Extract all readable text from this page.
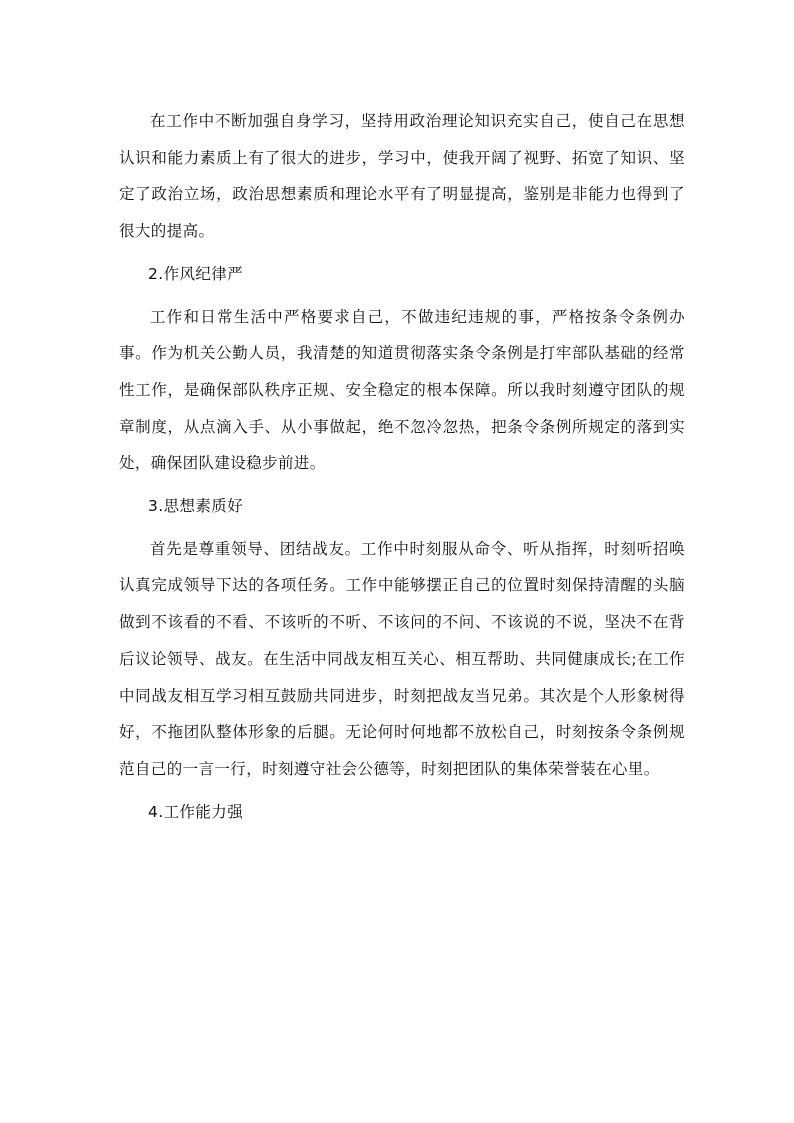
在工作中不断加强自身学习，坚持用政治理论知识充实自己，使自己在思想认识和能力素质上有了很大的进步，学习中，使我开阔了视野、拓宽了知识、坚定了政治立场，政治思想素质和理论水平有了明显提高，鉴别是非能力也得到了很大的提高。

2.作风纪律严

工作和日常生活中严格要求自己，不做违纪违规的事，严格按条令条例办事。作为机关公勤人员，我清楚的知道贯彻落实条令条例是打牢部队基础的经常性工作，是确保部队秩序正规、安全稳定的根本保障。所以我时刻遵守团队的规章制度，从点滴入手、从小事做起，绝不忽冷忽热，把条令条例所规定的落到实处，确保团队建设稳步前进。

3.思想素质好

首先是尊重领导、团结战友。工作中时刻服从命令、听从指挥，时刻听招唤认真完成领导下达的各项任务。工作中能够摆正自己的位置时刻保持清醒的头脑做到不该看的不看、不该听的不听、不该问的不问、不该说的不说，坚决不在背后议论领导、战友。在生活中同战友相互关心、相互帮助、共同健康成长;在工作中同战友相互学习相互鼓励共同进步，时刻把战友当兄弟。其次是个人形象树得好，不拖团队整体形象的后腿。无论何时何地都不放松自己，时刻按条令条例规范自己的一言一行，时刻遵守社会公德等，时刻把团队的集体荣誉装在心里。

4.工作能力强
